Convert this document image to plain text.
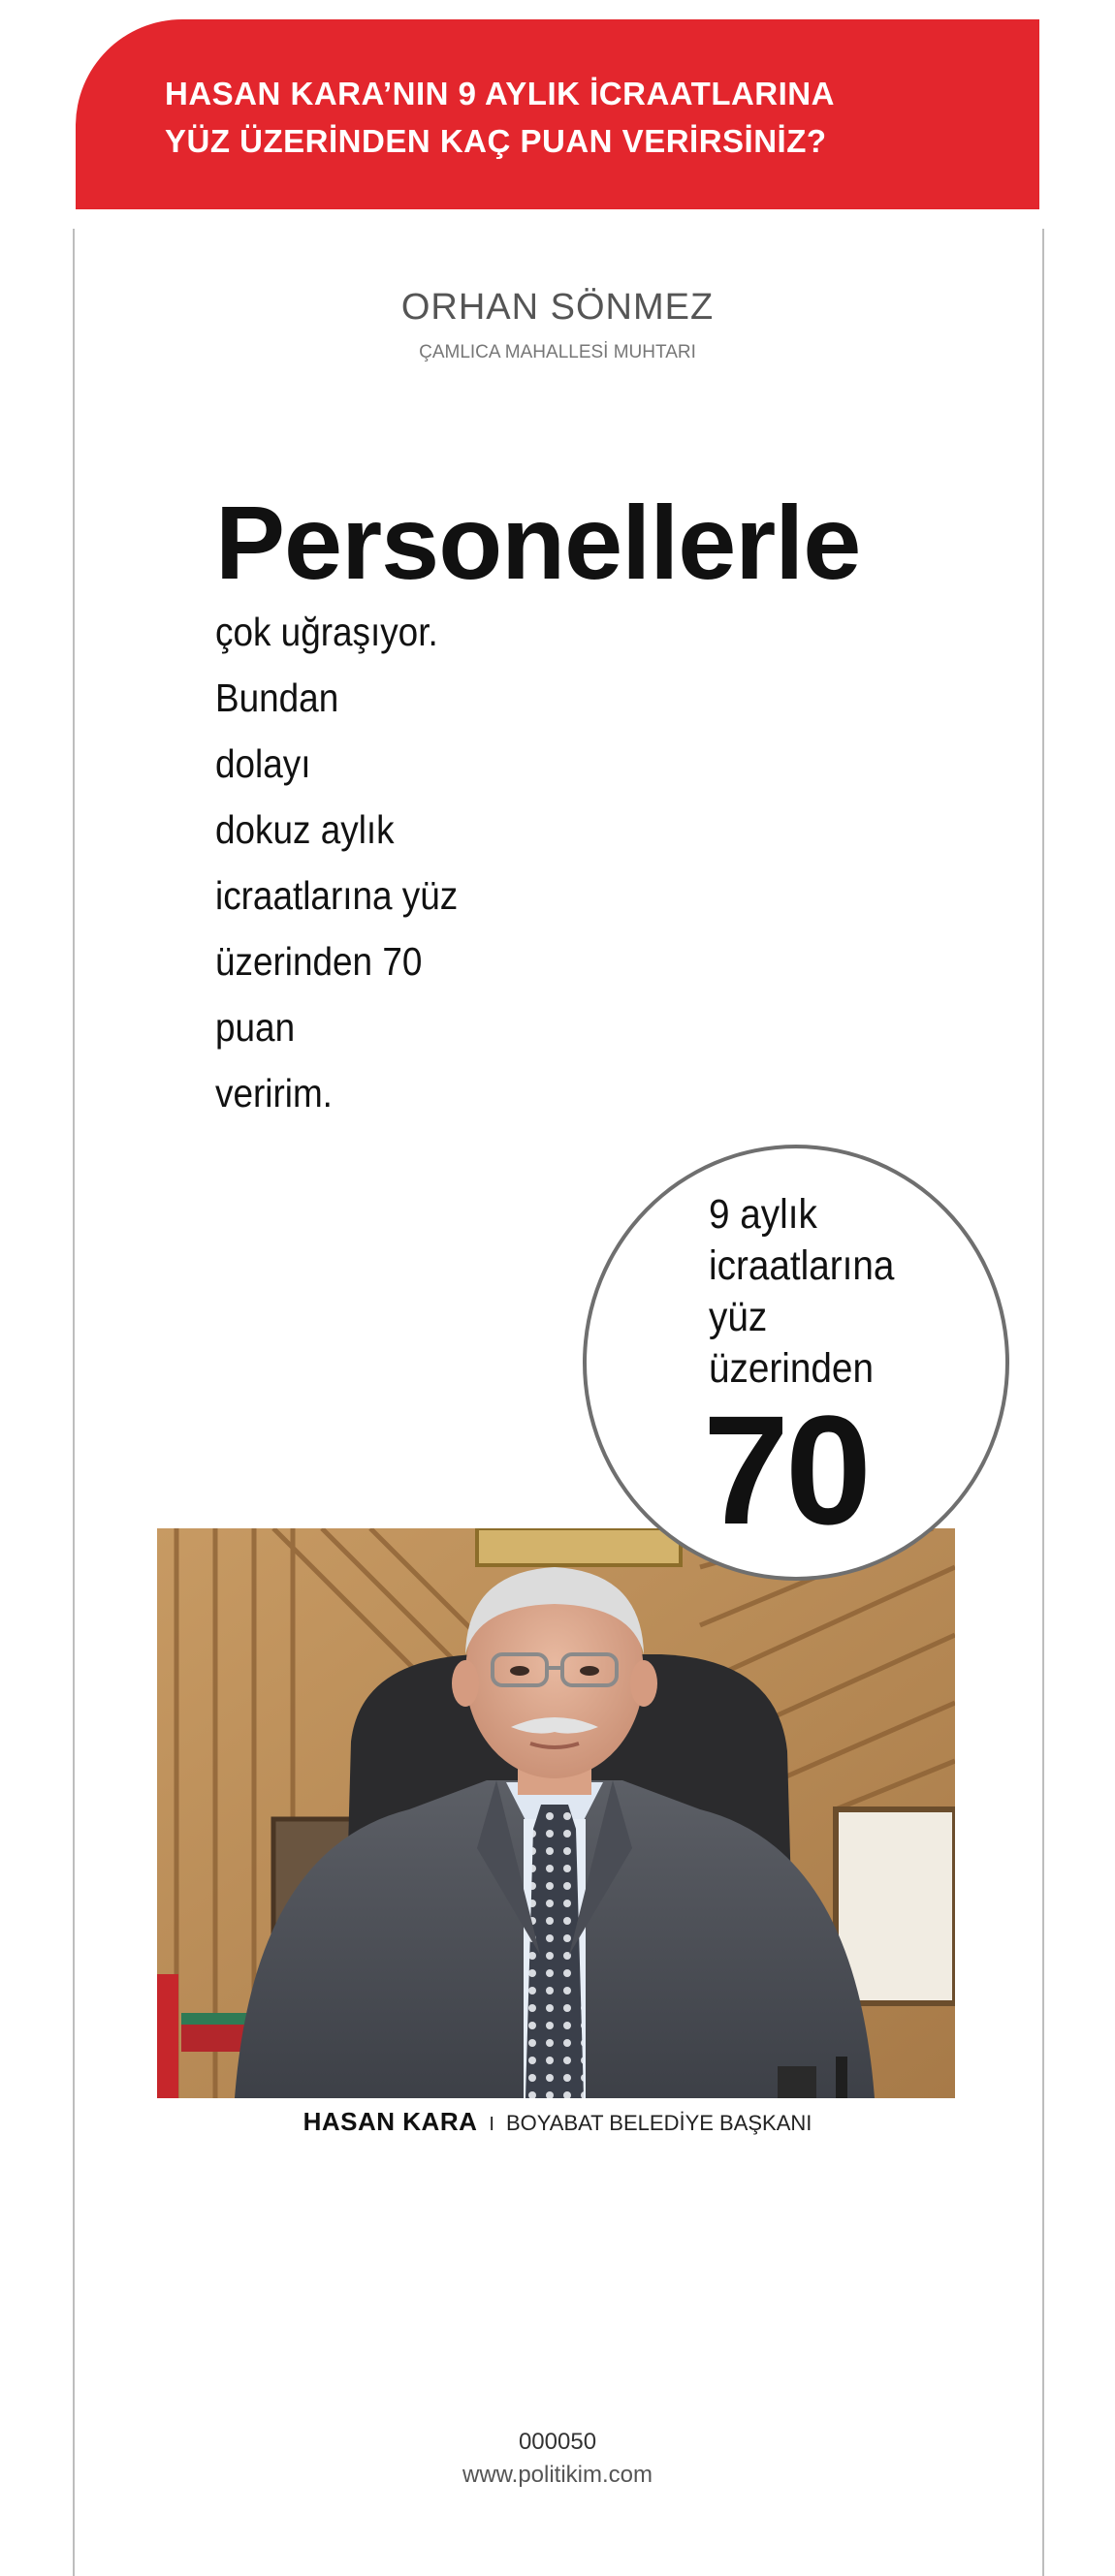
HASAN KARA’NIN 9 AYLIK İCRAATLARINA
YÜZ ÜZERİNDEN KAÇ PUAN VERİRSİNİZ?
ORHAN SÖNMEZ
ÇAMLICA MAHALLESİ MUHTARI
Personellerle
çok uğraşıyor.
Bundan
dolayı
dokuz aylık
icraatlarına yüz
üzerinden 70
puan
veririm.
9 aylık
icraatlarına
yüz
üzerinden
70
HASAN KARA I BOYABAT BELEDİYE BAŞKANI
000050
www.politikim.com
